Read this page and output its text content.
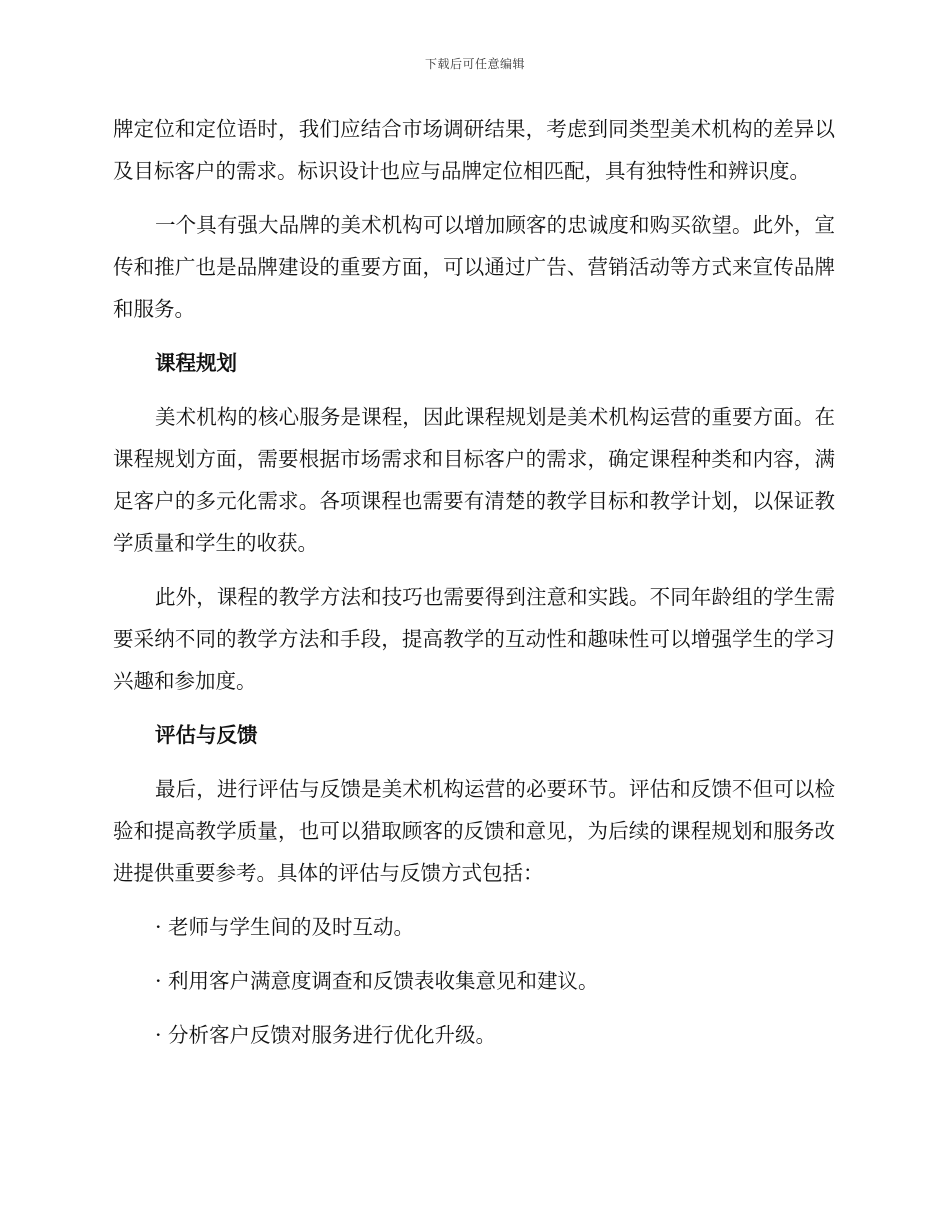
下载后可任意编辑

牌定位和定位语时，我们应结合市场调研结果，考虑到同类型美术机构的差异以及目标客户的需求。标识设计也应与品牌定位相匹配，具有独特性和辨识度。

一个具有强大品牌的美术机构可以增加顾客的忠诚度和购买欲望。此外，宣传和推广也是品牌建设的重要方面，可以通过广告、营销活动等方式来宣传品牌和服务。

课程规划

美术机构的核心服务是课程，因此课程规划是美术机构运营的重要方面。在课程规划方面，需要根据市场需求和目标客户的需求，确定课程种类和内容，满足客户的多元化需求。各项课程也需要有清楚的教学目标和教学计划，以保证教学质量和学生的收获。

此外，课程的教学方法和技巧也需要得到注意和实践。不同年龄组的学生需要采纳不同的教学方法和手段，提高教学的互动性和趣味性可以增强学生的学习兴趣和参加度。

评估与反馈

最后，进行评估与反馈是美术机构运营的必要环节。评估和反馈不但可以检验和提高教学质量，也可以猎取顾客的反馈和意见，为后续的课程规划和服务改进提供重要参考。具体的评估与反馈方式包括：

· 老师与学生间的及时互动。
· 利用客户满意度调查和反馈表收集意见和建议。
· 分析客户反馈对服务进行优化升级。
